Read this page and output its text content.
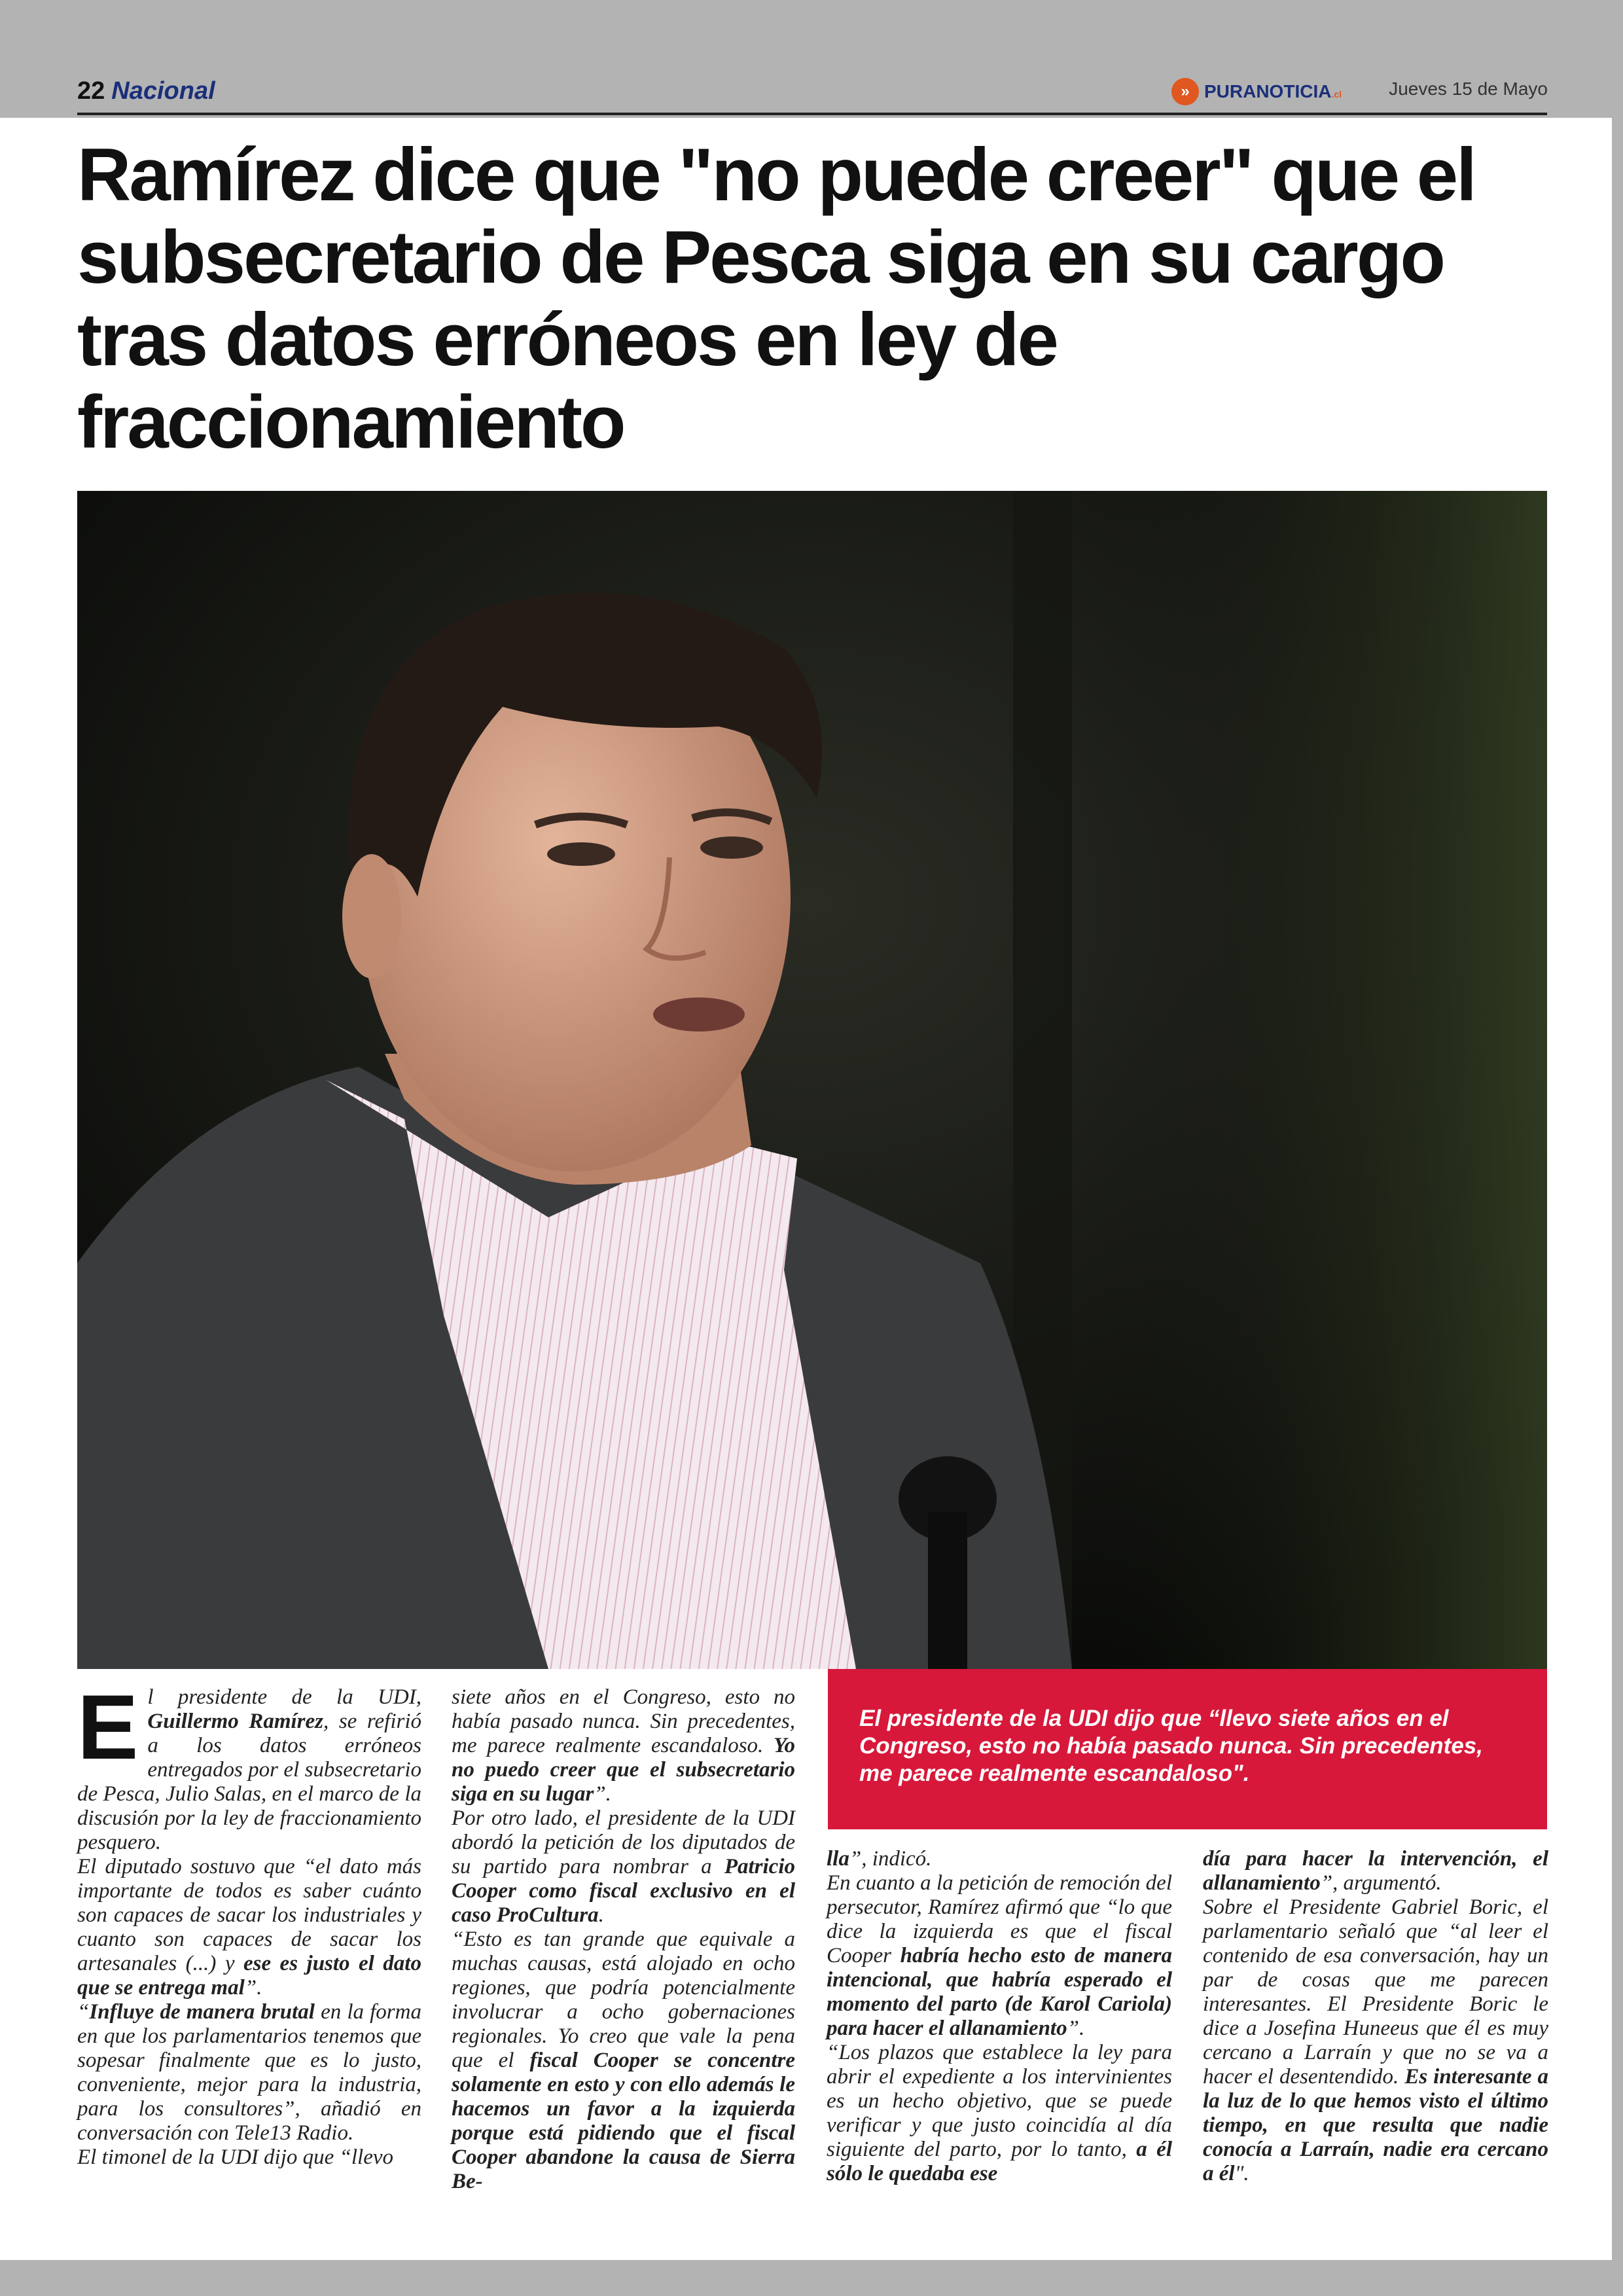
22 Nacional	» PURANOTICIA.cl	Jueves 15 de Mayo
Ramírez dice que "no puede creer" que el subsecretario de Pesca siga en su cargo tras datos erróneos en ley de fraccionamiento

El presidente de la UDI dijo que “llevo siete años en el Congreso, esto no había pasado nunca. Sin precedentes, me parece realmente escandaloso".

E l presidente de la UDI, Guillermo Ramírez, se refirió a los datos erróneos entregados por el subsecretario de Pesca, Julio Salas, en el marco de la discusión por la ley de fraccionamiento pesquero.

El diputado sostuvo que “el dato más importante de todos es saber cuánto son capaces de sacar los industriales y cuanto son capaces de sacar los artesanales (...) y ese es justo el dato que se entrega mal”.

“Influye de manera brutal en la forma en que los parlamentarios tenemos que sopesar finalmente que es lo justo, conveniente, mejor para la industria, para los consultores”, añadió en conversación con Tele13 Radio.

El timonel de la UDI dijo que “llevo

siete años en el Congreso, esto no había pasado nunca. Sin precedentes, me parece realmente escandaloso. Yo no puedo creer que el subsecretario siga en su lugar”.

Por otro lado, el presidente de la UDI abordó la petición de los diputados de su partido para nombrar a Patricio Cooper como fiscal exclusivo en el caso ProCultura.

“Esto es tan grande que equivale a muchas causas, está alojado en ocho regiones, que podría potencialmente involucrar a ocho gobernaciones regionales. Yo creo que vale la pena que el fiscal Cooper se concentre solamente en esto y con ello además le hacemos un favor a la izquierda porque está pidiendo que el fiscal Cooper abandone la causa de Sierra Be-

lla”, indicó.

En cuanto a la petición de remoción del persecutor, Ramírez afirmó que “lo que dice la izquierda es que el fiscal Cooper habría hecho esto de manera intencional, que habría esperado el momento del parto (de Karol Cariola) para hacer el allanamiento”.

“Los plazos que establece la ley para abrir el expediente a los intervinientes es un hecho objetivo, que se puede verificar y que justo coincidía al día siguiente del parto, por lo tanto, a él sólo le quedaba ese

día para hacer la intervención, el allanamiento”, argumentó.

Sobre el Presidente Gabriel Boric, el parlamentario señaló que “al leer el contenido de esa conversación, hay un par de cosas que me parecen interesantes. El Presidente Boric le dice a Josefina Huneeus que él es muy cercano a Larraín y que no se va a hacer el desentendido. Es interesante a la luz de lo que hemos visto el último tiempo, en que resulta que nadie conocía a Larraín, nadie era cercano a él".
